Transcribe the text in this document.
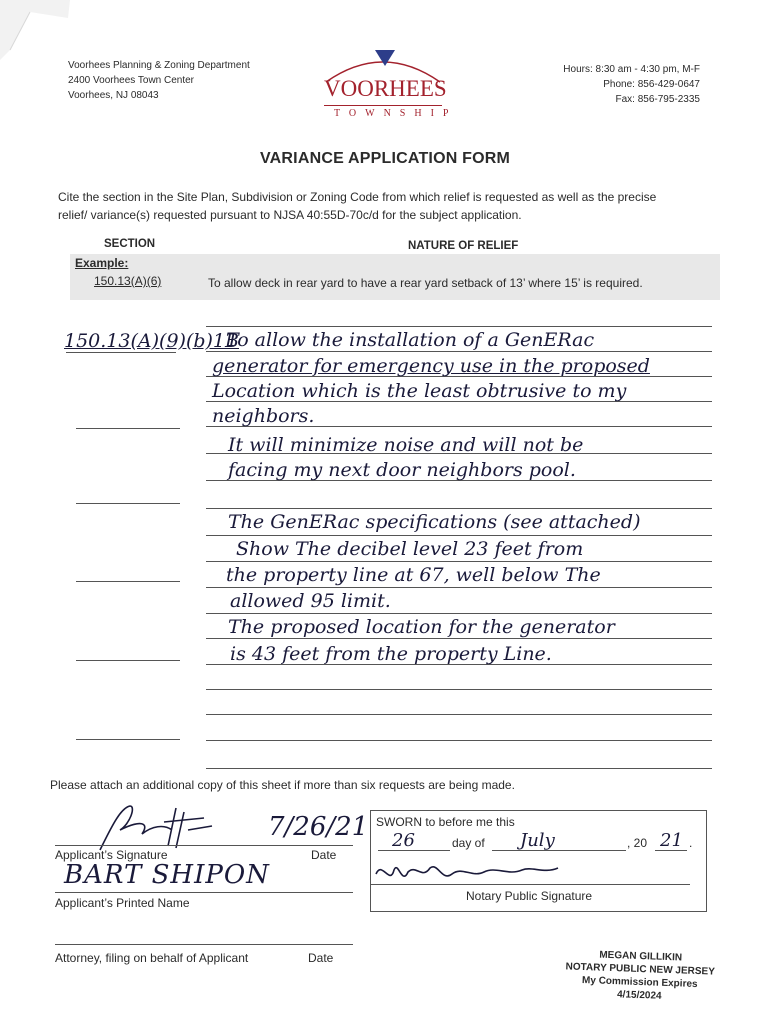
Voorhees Planning & Zoning Department
2400 Voorhees Town Center
Voorhees, NJ 08043	VOORHEES
TOWNSHIP
Hours: 8:30 am - 4:30 pm, M-F
Phone: 856-429-0647
Fax: 856-795-2335
VARIANCE APPLICATION FORM
Cite the section in the Site Plan, Subdivision or Zoning Code from which relief is requested as well as the precise
relief/ variance(s) requested pursuant to NJSA 40:55D-70c/d for the subject application.
SECTION	NATURE OF RELIEF
Example:
150.13(A)(6)	To allow deck in rear yard to have a rear yard setback of 13’ where 15’ is required.
150.13(A)(9)(b)1B
To allow the installation of a GenERac
generator for emergency use in the proposed
Location which is the least obtrusive to my
neighbors.
It will minimize noise and will not be
facing my next door neighbors pool.
The GenERac specifications (see attached)
Show The decibel level 23 feet from
the property line at 67, well below The
allowed 95 limit.
The proposed location for the generator
is 43 feet from the property Line.
Please attach an additional copy of this sheet if more than six requests are being made.
7/26/21
Applicant’s Signature	Date
BART SHIPON
Applicant’s Printed Name
Attorney, filing on behalf of Applicant	Date
SWORN to before me this
26	day of July	, 20 21 .
Notary Public Signature
MEGAN GILLIKIN
NOTARY PUBLIC NEW JERSEY
My Commission Expires 4/15/2024
